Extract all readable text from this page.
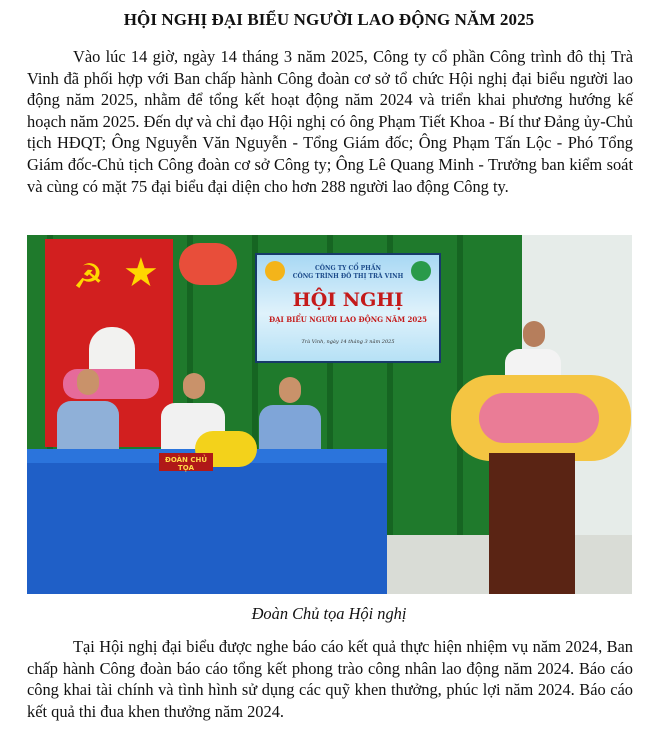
HỘI NGHỊ ĐẠI BIỂU NGƯỜI LAO ĐỘNG NĂM 2025

Vào lúc 14 giờ, ngày 14 tháng 3 năm 2025, Công ty cổ phần Công trình đô thị Trà Vinh đã phối hợp với Ban chấp hành Công đoàn cơ sở tổ chức Hội nghị đại biểu người lao động năm 2025, nhằm để tổng kết hoạt động năm 2024 và triển khai phương hướng kế hoạch năm 2025. Đến dự và chỉ đạo Hội nghị có ông Phạm Tiết Khoa - Bí thư Đảng ủy-Chủ tịch HĐQT; Ông Nguyễn Văn Nguyễn - Tổng Giám đốc; Ông Phạm Tấn Lộc - Phó Tổng Giám đốc-Chủ tịch Công đoàn cơ sở Công ty; Ông Lê Quang Minh - Trưởng ban kiểm soát và cùng có mặt 75 đại biểu đại diện cho hơn 288 người lao động Công ty.

☭ ★	CÔNG TY CỔ PHẦN
CÔNG TRÌNH ĐÔ THỊ TRÀ VINH
HỘI NGHỊ
ĐẠI BIỂU NGƯỜI LAO ĐỘNG NĂM 2025
Trà Vinh, ngày 14 tháng 3 năm 2025
ĐOÀN CHỦ TỌA
Đoàn Chủ tọa Hội nghị

Tại Hội nghị đại biểu được nghe báo cáo kết quả thực hiện nhiệm vụ năm 2024, Ban chấp hành Công đoàn báo cáo tổng kết phong trào công nhân lao động năm 2024. Báo cáo công khai tài chính và tình hình sử dụng các quỹ khen thưởng, phúc lợi năm 2024. Báo cáo kết quả thi đua khen thưởng năm 2024.
